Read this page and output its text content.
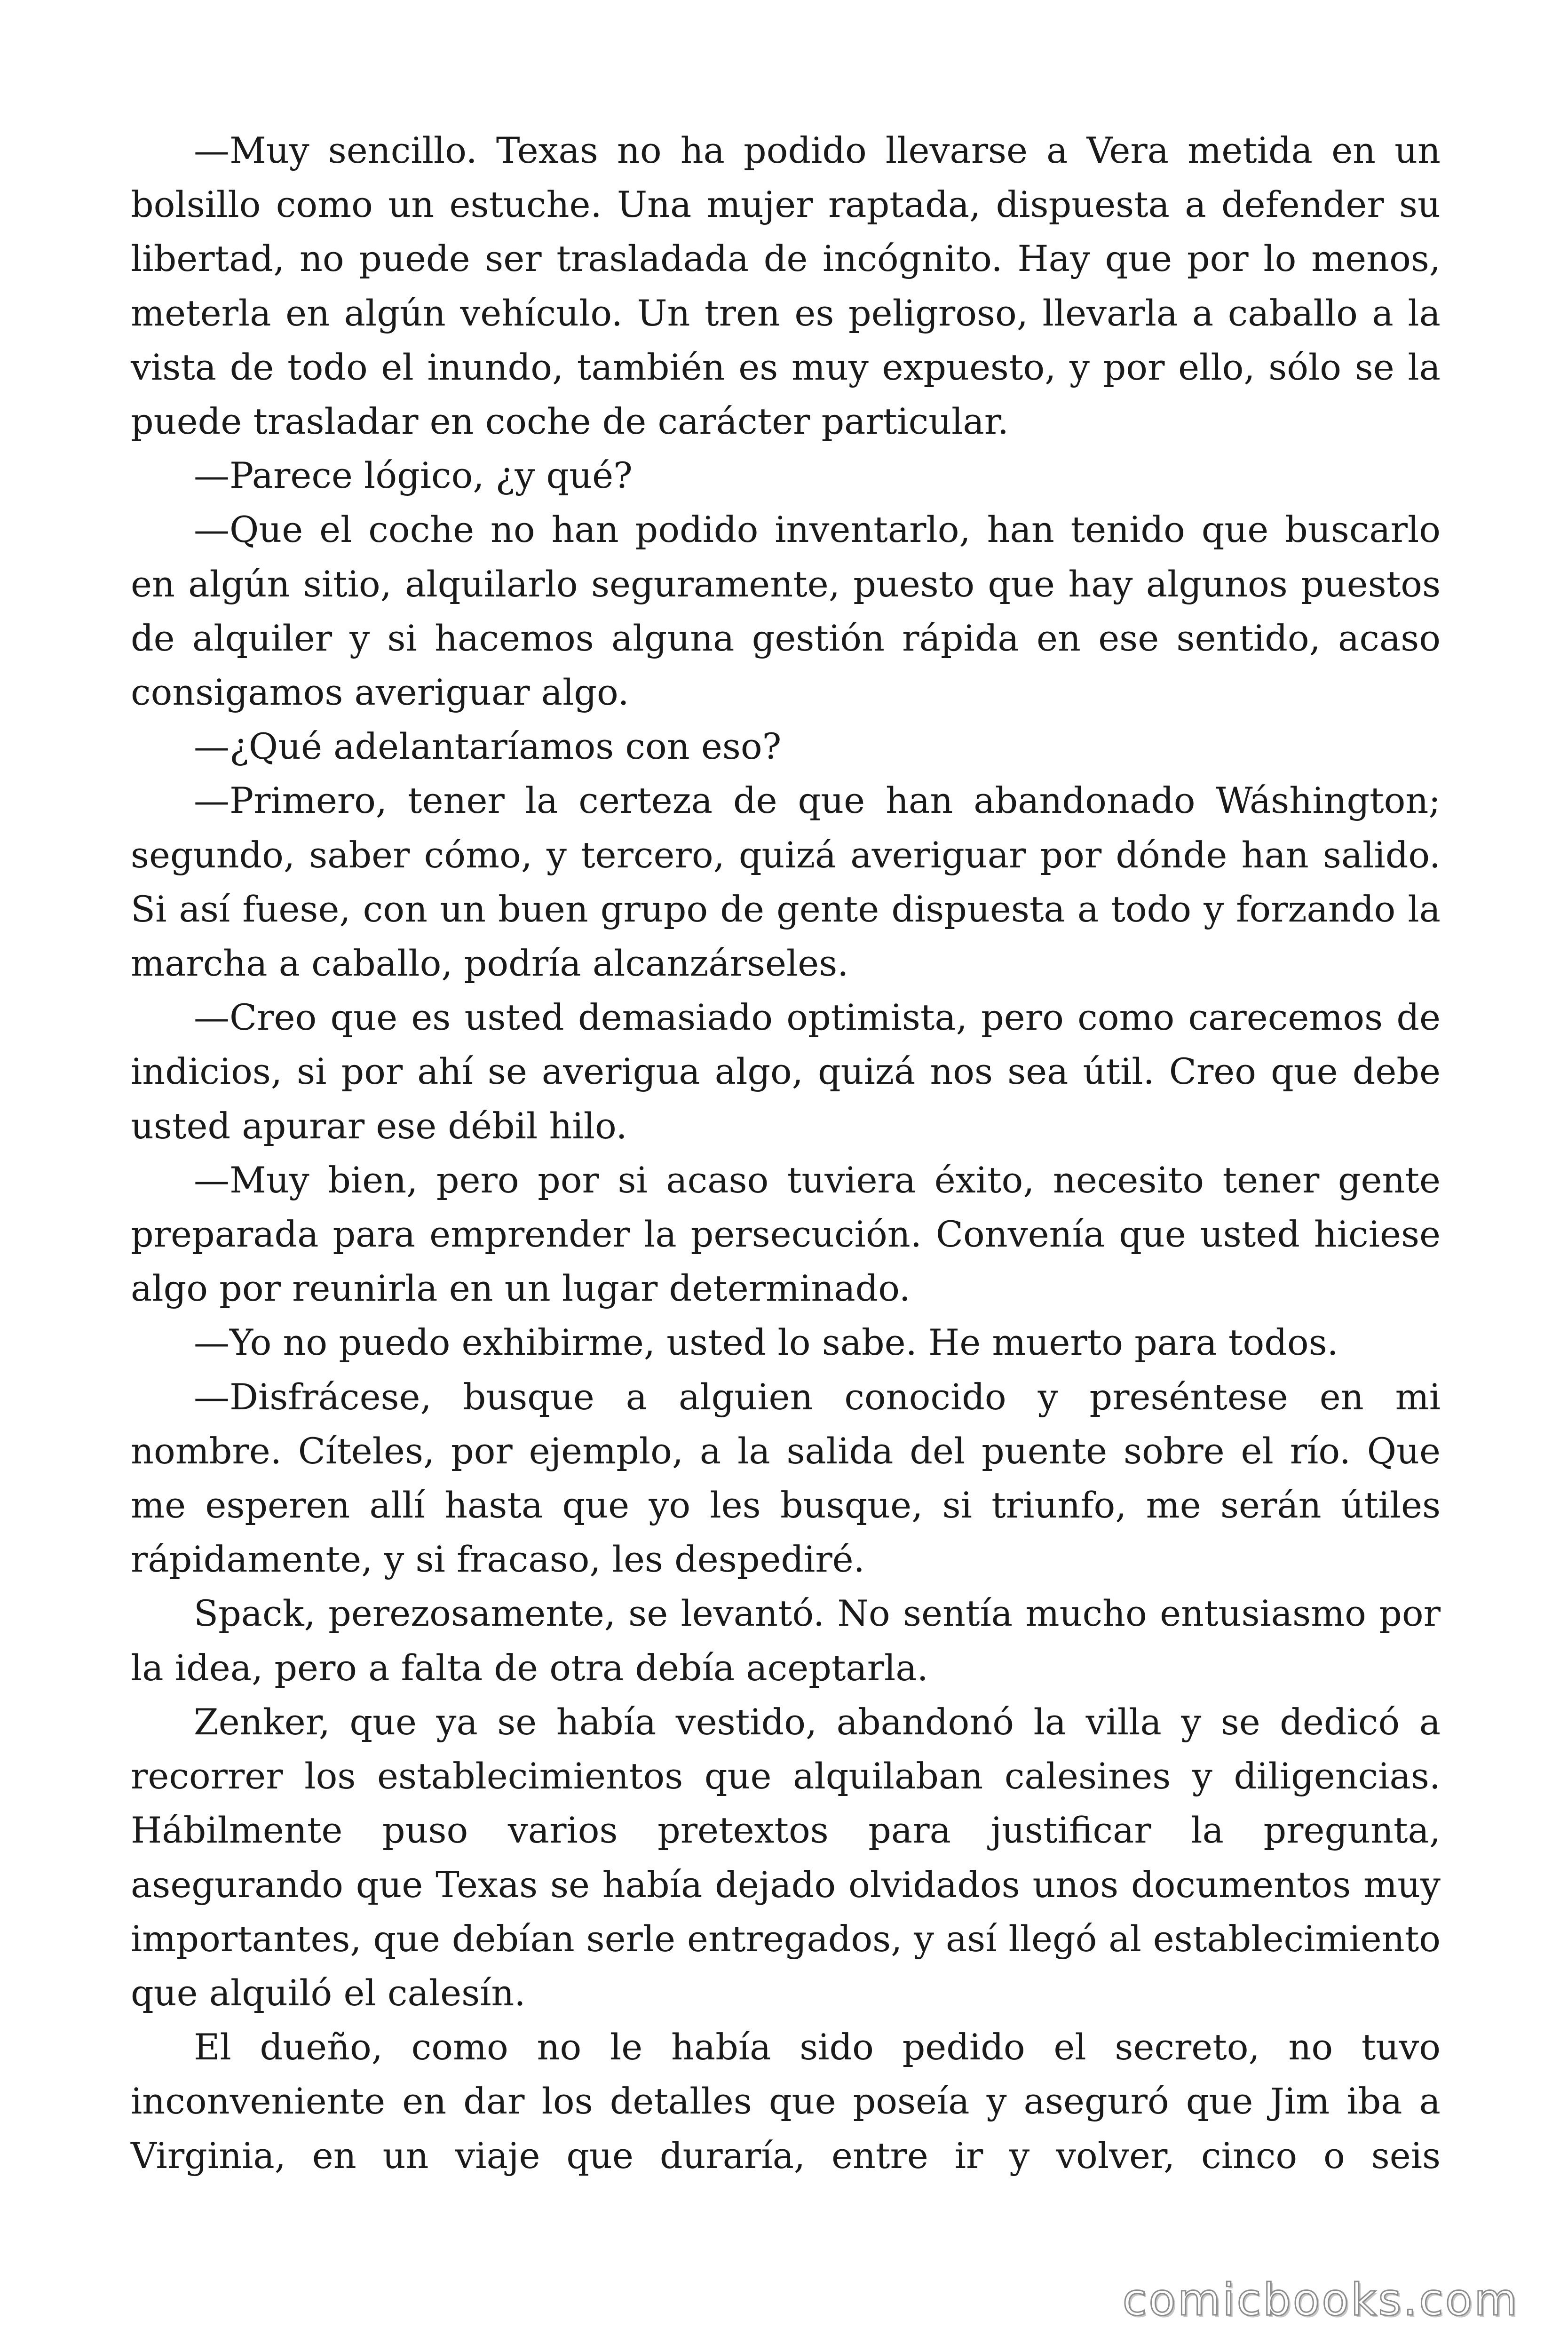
—Muy sencillo. Texas no ha podido llevarse a Vera metida en un bolsillo como un estuche. Una mujer raptada, dispuesta a defender su libertad, no puede ser trasladada de incógnito. Hay que por lo menos, meterla en algún vehículo. Un tren es peligroso, llevarla a caballo a la vista de todo el inundo, también es muy expuesto, y por ello, sólo se la puede trasladar en coche de carácter particular.

—Parece lógico, ¿y qué?

—Que el coche no han podido inventarlo, han tenido que buscarlo en algún sitio, alquilarlo seguramente, puesto que hay algunos puestos de alquiler y si hacemos alguna gestión rápida en ese sentido, acaso consigamos averiguar algo.

—¿Qué adelantaríamos con eso?

—Primero, tener la certeza de que han abandonado Wáshington; segundo, saber cómo, y tercero, quizá averiguar por dónde han salido. Si así fuese, con un buen grupo de gente dispuesta a todo y forzando la marcha a caballo, podría alcanzárseles.

—Creo que es usted demasiado optimista, pero como carecemos de indicios, si por ahí se averigua algo, quizá nos sea útil. Creo que debe usted apurar ese débil hilo.

—Muy bien, pero por si acaso tuviera éxito, necesito tener gente preparada para emprender la persecución. Convenía que usted hiciese algo por reunirla en un lugar determinado.

—Yo no puedo exhibirme, usted lo sabe. He muerto para todos.

—Disfrácese, busque a alguien conocido y preséntese en mi nombre. Cíteles, por ejemplo, a la salida del puente sobre el río. Que me esperen allí hasta que yo les busque, si triunfo, me serán útiles rápidamente, y si fracaso, les despediré.

Spack, perezosamente, se levantó. No sentía mucho entusiasmo por la idea, pero a falta de otra debía aceptarla.

Zenker, que ya se había vestido, abandonó la villa y se dedicó a recorrer los establecimientos que alquilaban calesines y diligencias. Hábilmente puso varios pretextos para justificar la pregunta, asegurando que Texas se había dejado olvidados unos documentos muy importantes, que debían serle entregados, y así llegó al establecimiento que alquiló el calesín.

El dueño, como no le había sido pedido el secreto, no tuvo inconveniente en dar los detalles que poseía y aseguró que Jim iba a Virginia, en un viaje que duraría, entre ir y volver, cinco o seis

comicbooks.com
